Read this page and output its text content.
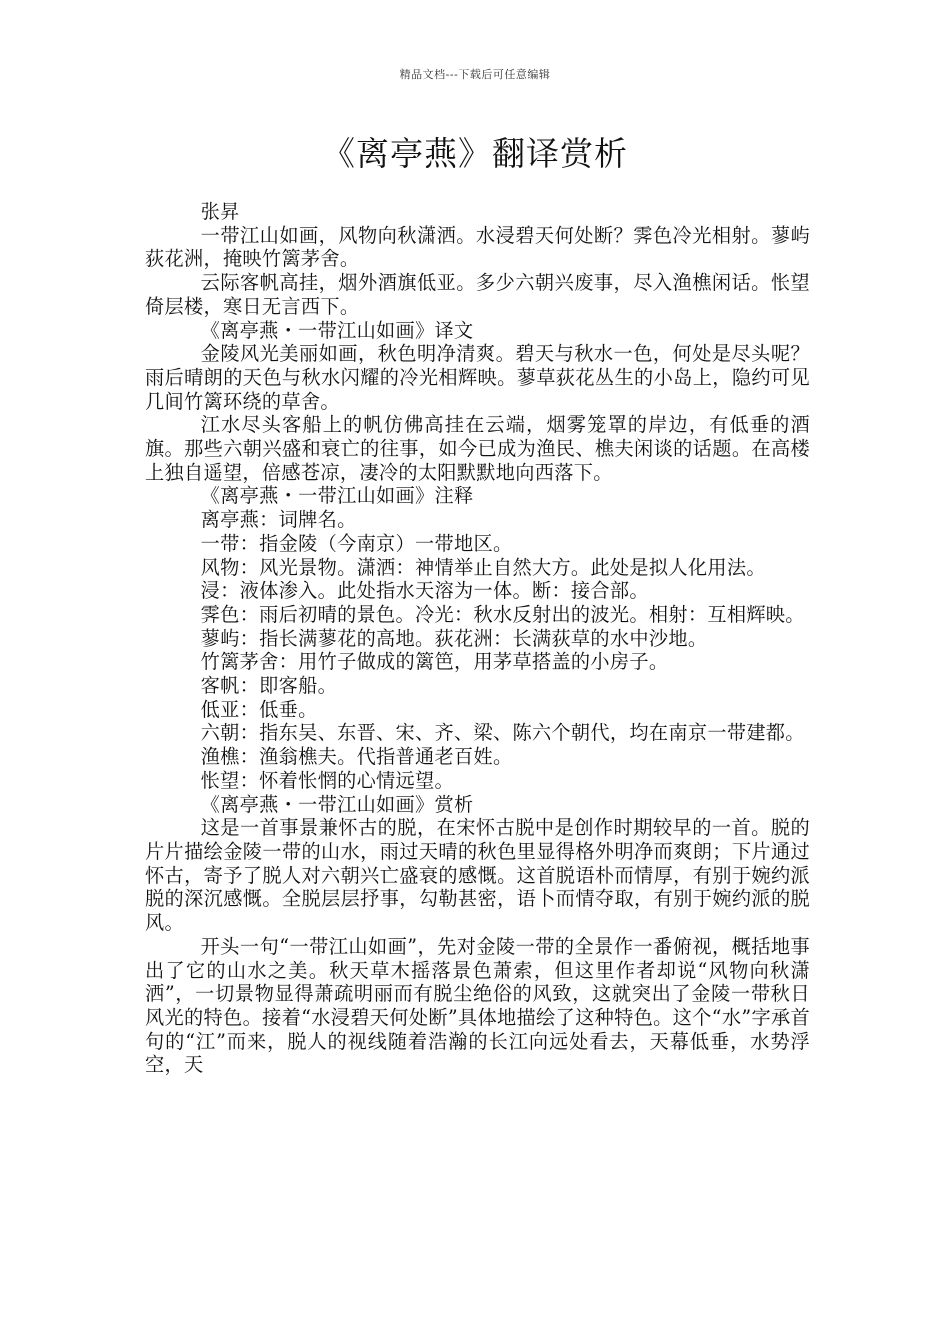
精品文档---下载后可任意编辑
《离亭燕》翻译赏析

张昇

一带江山如画，风物向秋潇洒。水浸碧天何处断？霁色冷光相射。蓼屿荻花洲，掩映竹篱茅舍。

云际客帆高挂，烟外酒旗低亚。多少六朝兴废事，尽入渔樵闲话。怅望倚层楼，寒日无言西下。

《离亭燕・一带江山如画》译文

金陵风光美丽如画，秋色明净清爽。碧天与秋水一色，何处是尽头呢？雨后晴朗的天色与秋水闪耀的冷光相辉映。蓼草荻花丛生的小岛上，隐约可见几间竹篱环绕的草舍。

江水尽头客船上的帆仿佛高挂在云端，烟雾笼罩的岸边，有低垂的酒旗。那些六朝兴盛和衰亡的往事，如今已成为渔民、樵夫闲谈的话题。在高楼上独自遥望，倍感苍凉，凄冷的太阳默默地向西落下。

《离亭燕・一带江山如画》注释

离亭燕：词牌名。

一带：指金陵（今南京）一带地区。

风物：风光景物。潇洒：神情举止自然大方。此处是拟人化用法。

浸：液体渗入。此处指水天溶为一体。断：接合部。

霁色：雨后初晴的景色。冷光：秋水反射出的波光。相射：互相辉映。

蓼屿：指长满蓼花的高地。荻花洲：长满荻草的水中沙地。

竹篱茅舍：用竹子做成的篱笆，用茅草搭盖的小房子。

客帆：即客船。

低亚：低垂。

六朝：指东吴、东晋、宋、齐、梁、陈六个朝代，均在南京一带建都。

渔樵：渔翁樵夫。代指普通老百姓。

怅望：怀着怅惘的心情远望。

《离亭燕・一带江山如画》赏析

这是一首事景兼怀古的脱，在宋怀古脱中是创作时期较早的一首。脱的片片描绘金陵一带的山水，雨过天晴的秋色里显得格外明净而爽朗；下片通过怀古，寄予了脱人对六朝兴亡盛衰的感慨。这首脱语朴而情厚，有别于婉约派脱的深沉感慨。全脱层层抒事，勾勒甚密，语卜而情夺取，有别于婉约派的脱风。

开头一句“一带江山如画”，先对金陵一带的全景作一番俯视，概括地事出了它的山水之美。秋天草木摇落景色萧索，但这里作者却说“风物向秋潇洒”，一切景物显得萧疏明丽而有脱尘绝俗的风致，这就突出了金陵一带秋日风光的特色。接着“水浸碧天何处断”具体地描绘了这种特色。这个“水”字承首句的“江”而来，脱人的视线随着浩瀚的长江向远处看去，天幕低垂，水势浮空，天
